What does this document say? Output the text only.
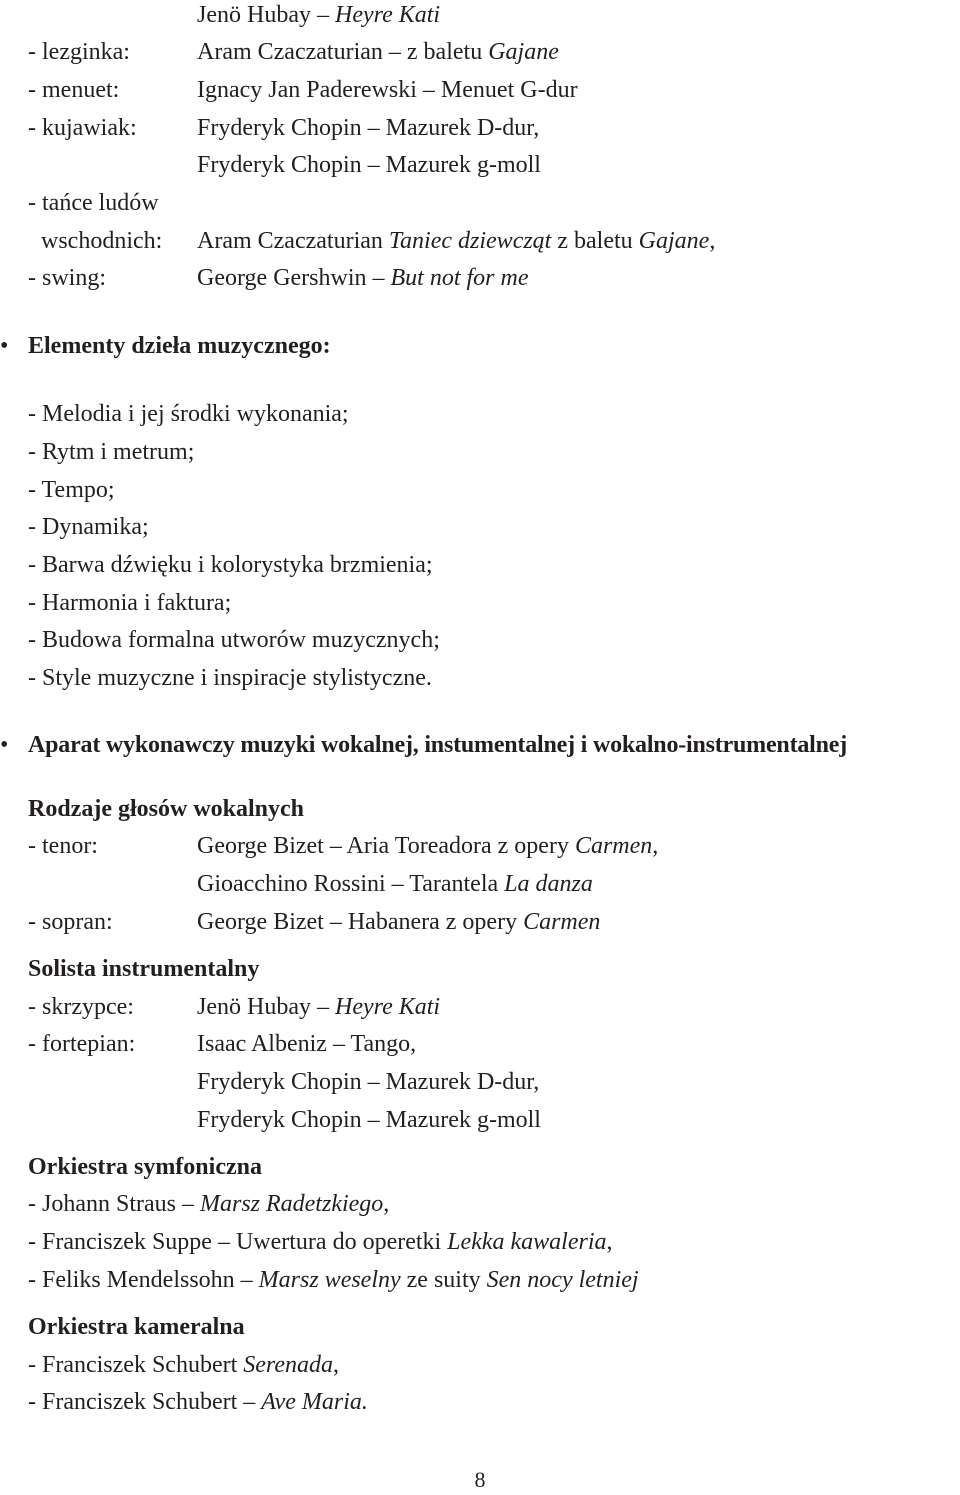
Jenö Hubay – Heyre Kati
- lezginka:	Aram Czaczaturian – z baletu Gajane
- menuet:	Ignacy Jan Paderewski – Menuet G-dur
- kujawiak:	Fryderyk Chopin – Mazurek D-dur,
Fryderyk Chopin – Mazurek g-moll
- tańce ludów
wschodnich: Aram Czaczaturian Taniec dziewcząt z baletu Gajane,
- swing:	George Gershwin – But not for me
• Elementy dzieła muzycznego:
- Melodia i jej środki wykonania;
- Rytm i metrum;
- Tempo;
- Dynamika;
- Barwa dźwięku i kolorystyka brzmienia;
- Harmonia i faktura;
- Budowa formalna utworów muzycznych;
- Style muzyczne i inspiracje stylistyczne.
• Aparat wykonawczy muzyki wokalnej, instumentalnej i wokalno-instrumentalnej
Rodzaje głosów wokalnych
- tenor:	George Bizet – Aria Toreadora z opery Carmen,
Gioacchino Rossini – Tarantela La danza
- sopran:	George Bizet – Habanera z opery Carmen
Solista instrumentalny
- skrzypce:	Jenö Hubay – Heyre Kati
- fortepian:	Isaac Albeniz – Tango,
Fryderyk Chopin – Mazurek D-dur,
Fryderyk Chopin – Mazurek g-moll
Orkiestra symfoniczna
- Johann Straus – Marsz Radetzkiego,
- Franciszek Suppe – Uwertura do operetki Lekka kawaleria,
- Feliks Mendelssohn – Marsz weselny ze suity Sen nocy letniej
Orkiestra kameralna
- Franciszek Schubert Serenada,
- Franciszek Schubert – Ave Maria.
8
